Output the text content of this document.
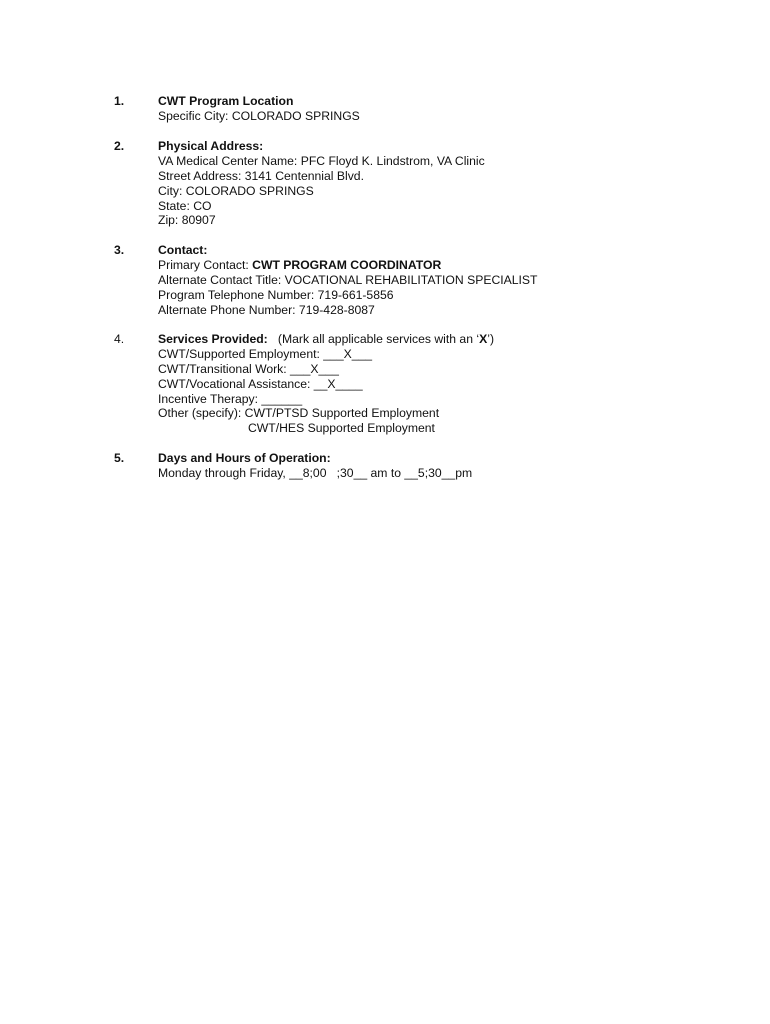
1.	CWT Program Location
Specific City: COLORADO SPRINGS
2.	Physical Address:
VA Medical Center Name: PFC Floyd K. Lindstrom, VA Clinic
Street Address: 3141 Centennial Blvd.
City: COLORADO SPRINGS
State: CO
Zip: 80907
3.	Contact:
Primary Contact: CWT PROGRAM COORDINATOR
Alternate Contact Title: VOCATIONAL REHABILITATION SPECIALIST
Program Telephone Number: 719-661-5856
Alternate Phone Number: 719-428-8087
4.	Services Provided:   (Mark all applicable services with an ‘X’)
CWT/Supported Employment: ___X___
CWT/Transitional Work: ___X___
CWT/Vocational Assistance: __X____
Incentive Therapy: ______
Other (specify): CWT/PTSD Supported Employment
CWT/HES Supported Employment
5.	Days and Hours of Operation:
Monday through Friday, __8;00   ;30__ am to __5;30__pm
